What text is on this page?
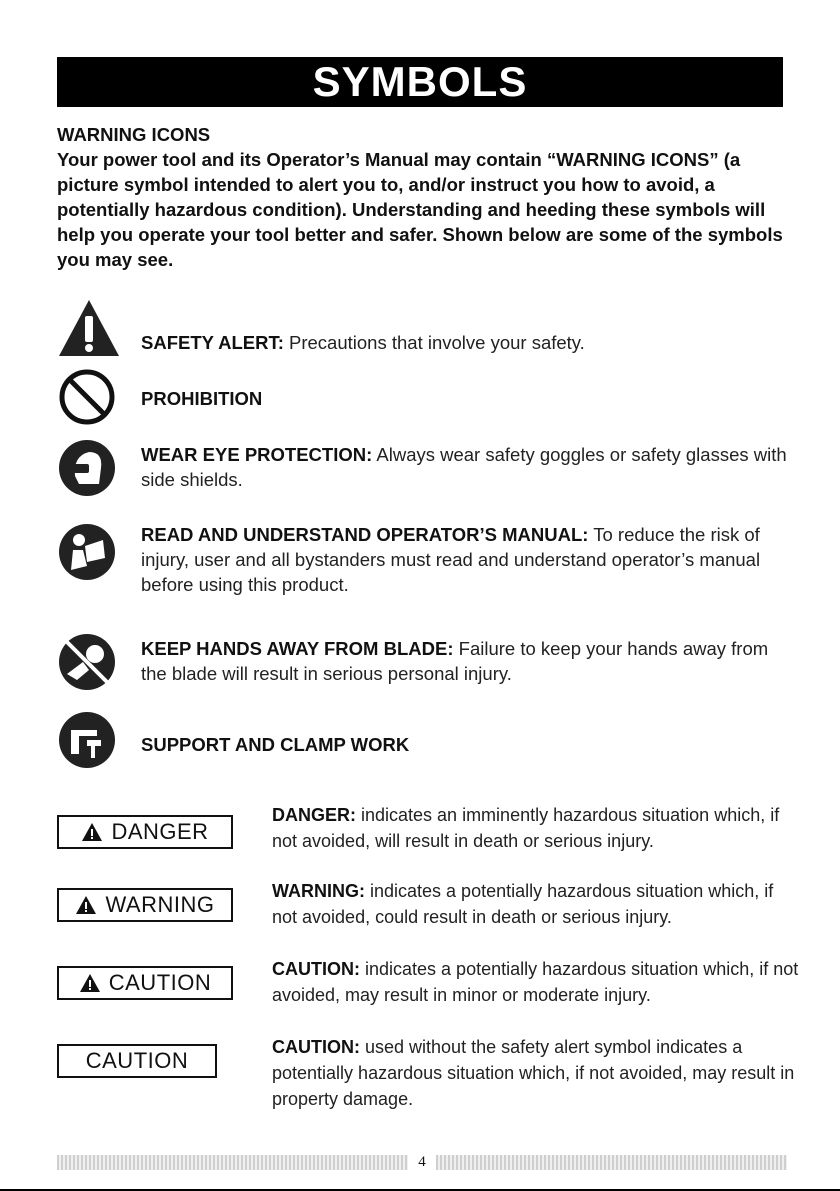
SYMBOLS

WARNING ICONS

Your power tool and its Operator’s Manual may contain “WARNING ICONS” (a picture symbol intended to alert you to, and/or instruct you how to avoid, a potentially hazardous condition). Understanding and heeding these symbols will help you operate your tool better and safer. Shown below are some of the symbols you may see.

SAFETY ALERT: Precautions that involve your safety.
PROHIBITION
WEAR EYE PROTECTION: Always wear safety goggles or safety glasses with side shields.
READ AND UNDERSTAND OPERATOR’S MANUAL: To reduce the risk of injury, user and all bystanders must read and understand operator’s manual before using this product.
KEEP HANDS AWAY FROM BLADE: Failure to keep your hands away from the blade will result in serious personal injury.
SUPPORT AND CLAMP WORK
DANGER
DANGER: indicates an imminently hazardous situation which, if not avoided, will result in death or serious injury.
WARNING
WARNING: indicates a potentially hazardous situation which, if not avoided, could result in death or serious injury.
CAUTION
CAUTION: indicates a potentially hazardous situation which, if not avoided, may result in minor or moderate injury.
CAUTION
CAUTION: used without the safety alert symbol indicates a potentially hazardous situation which, if not avoided, may result in property damage.
4
